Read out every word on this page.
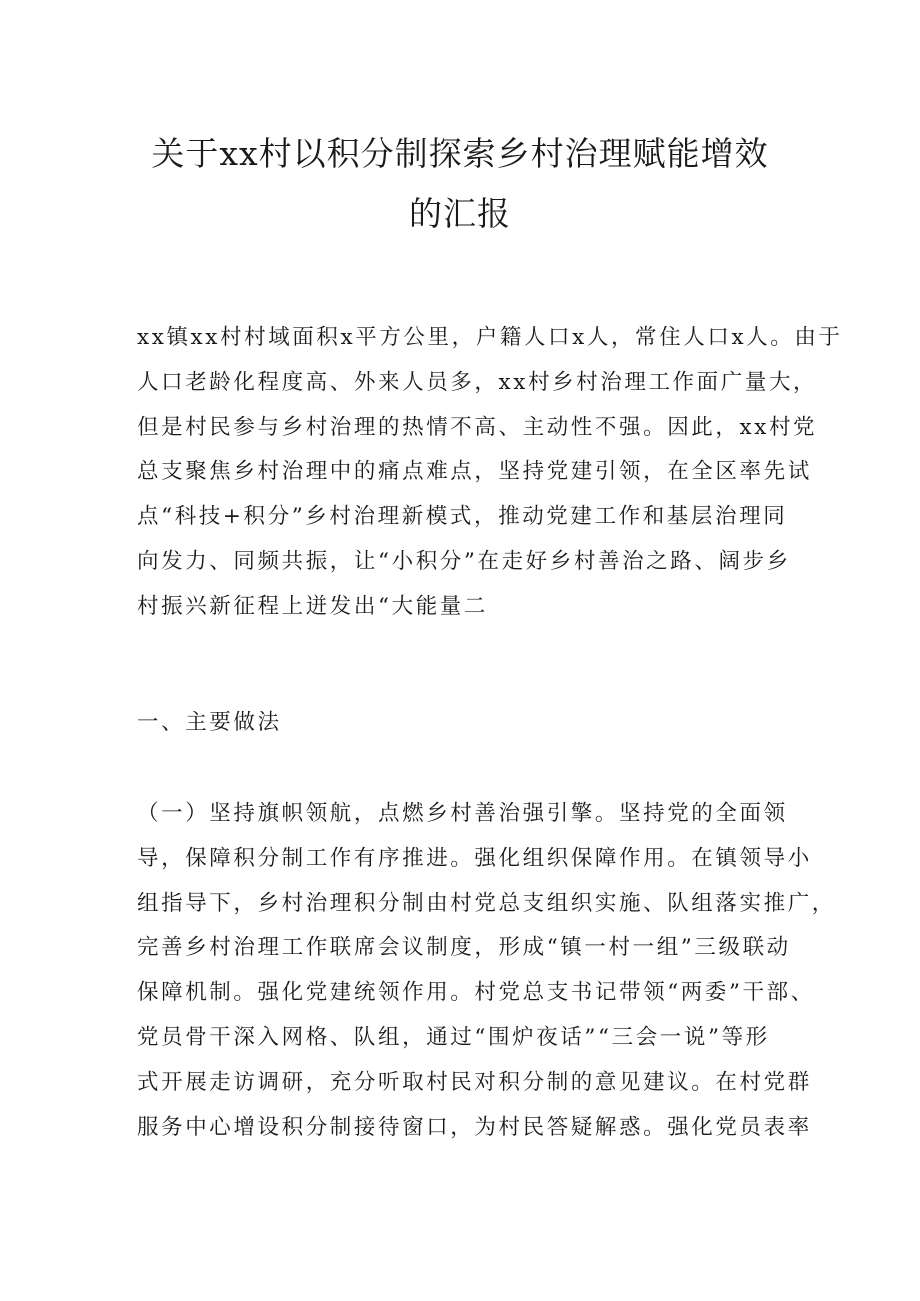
关于xx村以积分制探索乡村治理赋能增效
的汇报

xx镇xx村村域面积x平方公里，户籍人口x人，常住人口x人。由于
人口老龄化程度高、外来人员多，xx村乡村治理工作面广量大，
但是村民参与乡村治理的热情不高、主动性不强。因此，xx村党
总支聚焦乡村治理中的痛点难点，坚持党建引领，在全区率先试
点“科技+积分”乡村治理新模式，推动党建工作和基层治理同
向发力、同频共振，让“小积分”在走好乡村善治之路、阔步乡
村振兴新征程上迸发出“大能量二

一、主要做法

（一）坚持旗帜领航，点燃乡村善治强引擎。坚持党的全面领
导，保障积分制工作有序推进。强化组织保障作用。在镇领导小
组指导下，乡村治理积分制由村党总支组织实施、队组落实推广，
完善乡村治理工作联席会议制度，形成“镇一村一组”三级联动
保障机制。强化党建统领作用。村党总支书记带领“两委”干部、
党员骨干深入网格、队组，通过“围炉夜话”“三会一说”等形
式开展走访调研，充分听取村民对积分制的意见建议。在村党群
服务中心增设积分制接待窗口，为村民答疑解惑。强化党员表率
